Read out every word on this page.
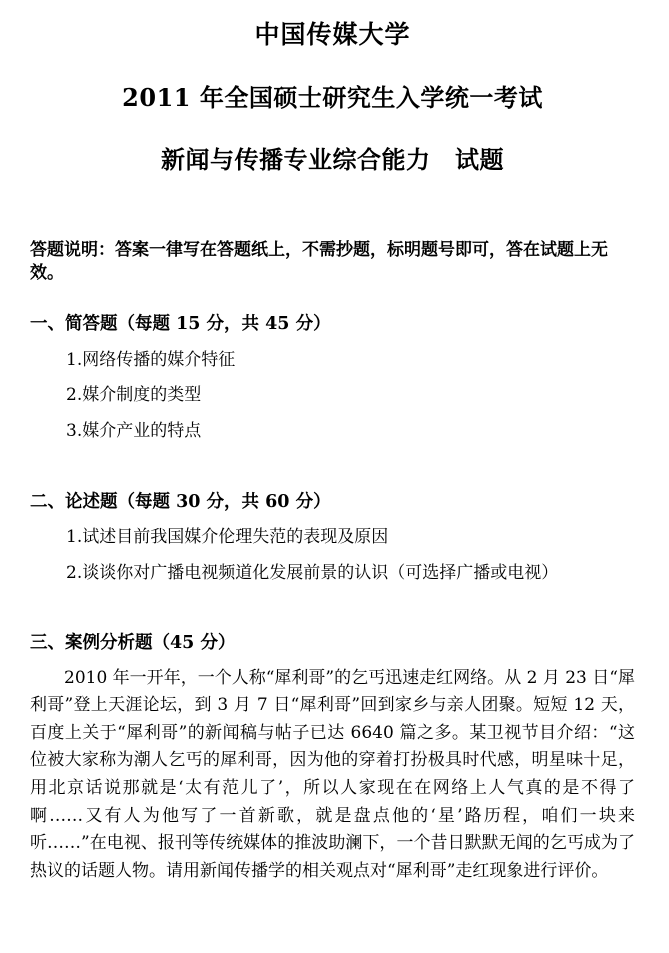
中国传媒大学
2011 年全国硕士研究生入学统一考试
新闻与传播专业综合能力　试题
答题说明：答案一律写在答题纸上，不需抄题，标明题号即可，答在试题上无效。
一、简答题（每题 15 分，共 45 分）
1.网络传播的媒介特征
2.媒介制度的类型
3.媒介产业的特点
二、论述题（每题 30 分，共 60 分）
1.试述目前我国媒介伦理失范的表现及原因
2.谈谈你对广播电视频道化发展前景的认识（可选择广播或电视）
三、案例分析题（45 分）

2010 年一开年，一个人称“犀利哥”的乞丐迅速走红网络。从 2 月 23 日“犀利哥”登上天涯论坛，到 3 月 7 日“犀利哥”回到家乡与亲人团聚。短短 12 天，百度上关于“犀利哥”的新闻稿与帖子已达 6640 篇之多。某卫视节目介绍：“这位被大家称为潮人乞丐的犀利哥，因为他的穿着打扮极具时代感，明星味十足，用北京话说那就是‘太有范儿了’，所以人家现在在网络上人气真的是不得了啊……又有人为他写了一首新歌，就是盘点他的‘星’路历程，咱们一块来听……”在电视、报刊等传统媒体的推波助澜下，一个昔日默默无闻的乞丐成为了热议的话题人物。请用新闻传播学的相关观点对“犀利哥”走红现象进行评价。
